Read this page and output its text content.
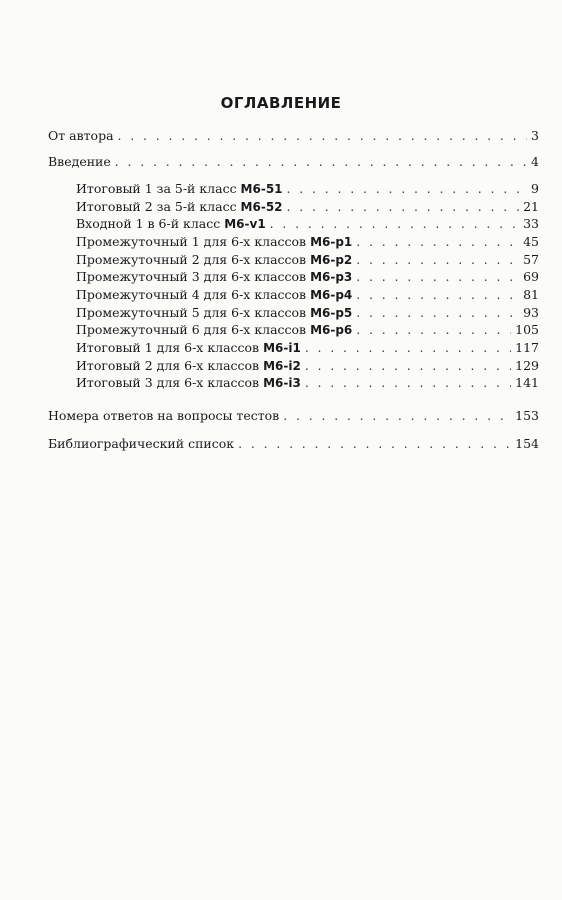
ОГЛАВЛЕНИЕ
От автора . . .	3
Введение . . .	4
Итоговый 1 за 5-й класс M6-51 . . .	9
Итоговый 2 за 5-й класс M6-52 . . .	21
Входной 1 в 6-й класс M6-v1 . . .	33
Промежуточный 1 для 6-х классов M6-p1 . . .	45
Промежуточный 2 для 6-х классов M6-p2 . . .	57
Промежуточный 3 для 6-х классов M6-p3 . . .	69
Промежуточный 4 для 6-х классов M6-p4 . . .	81
Промежуточный 5 для 6-х классов M6-p5 . . .	93
Промежуточный 6 для 6-х классов M6-p6 . . .	105
Итоговый 1 для 6-х классов M6-i1 . . .	117
Итоговый 2 для 6-х классов M6-i2 . . .	129
Итоговый 3 для 6-х классов M6-i3 . . .	141
Номера ответов на вопросы тестов . . .	153
Библиографический список . . .	154
